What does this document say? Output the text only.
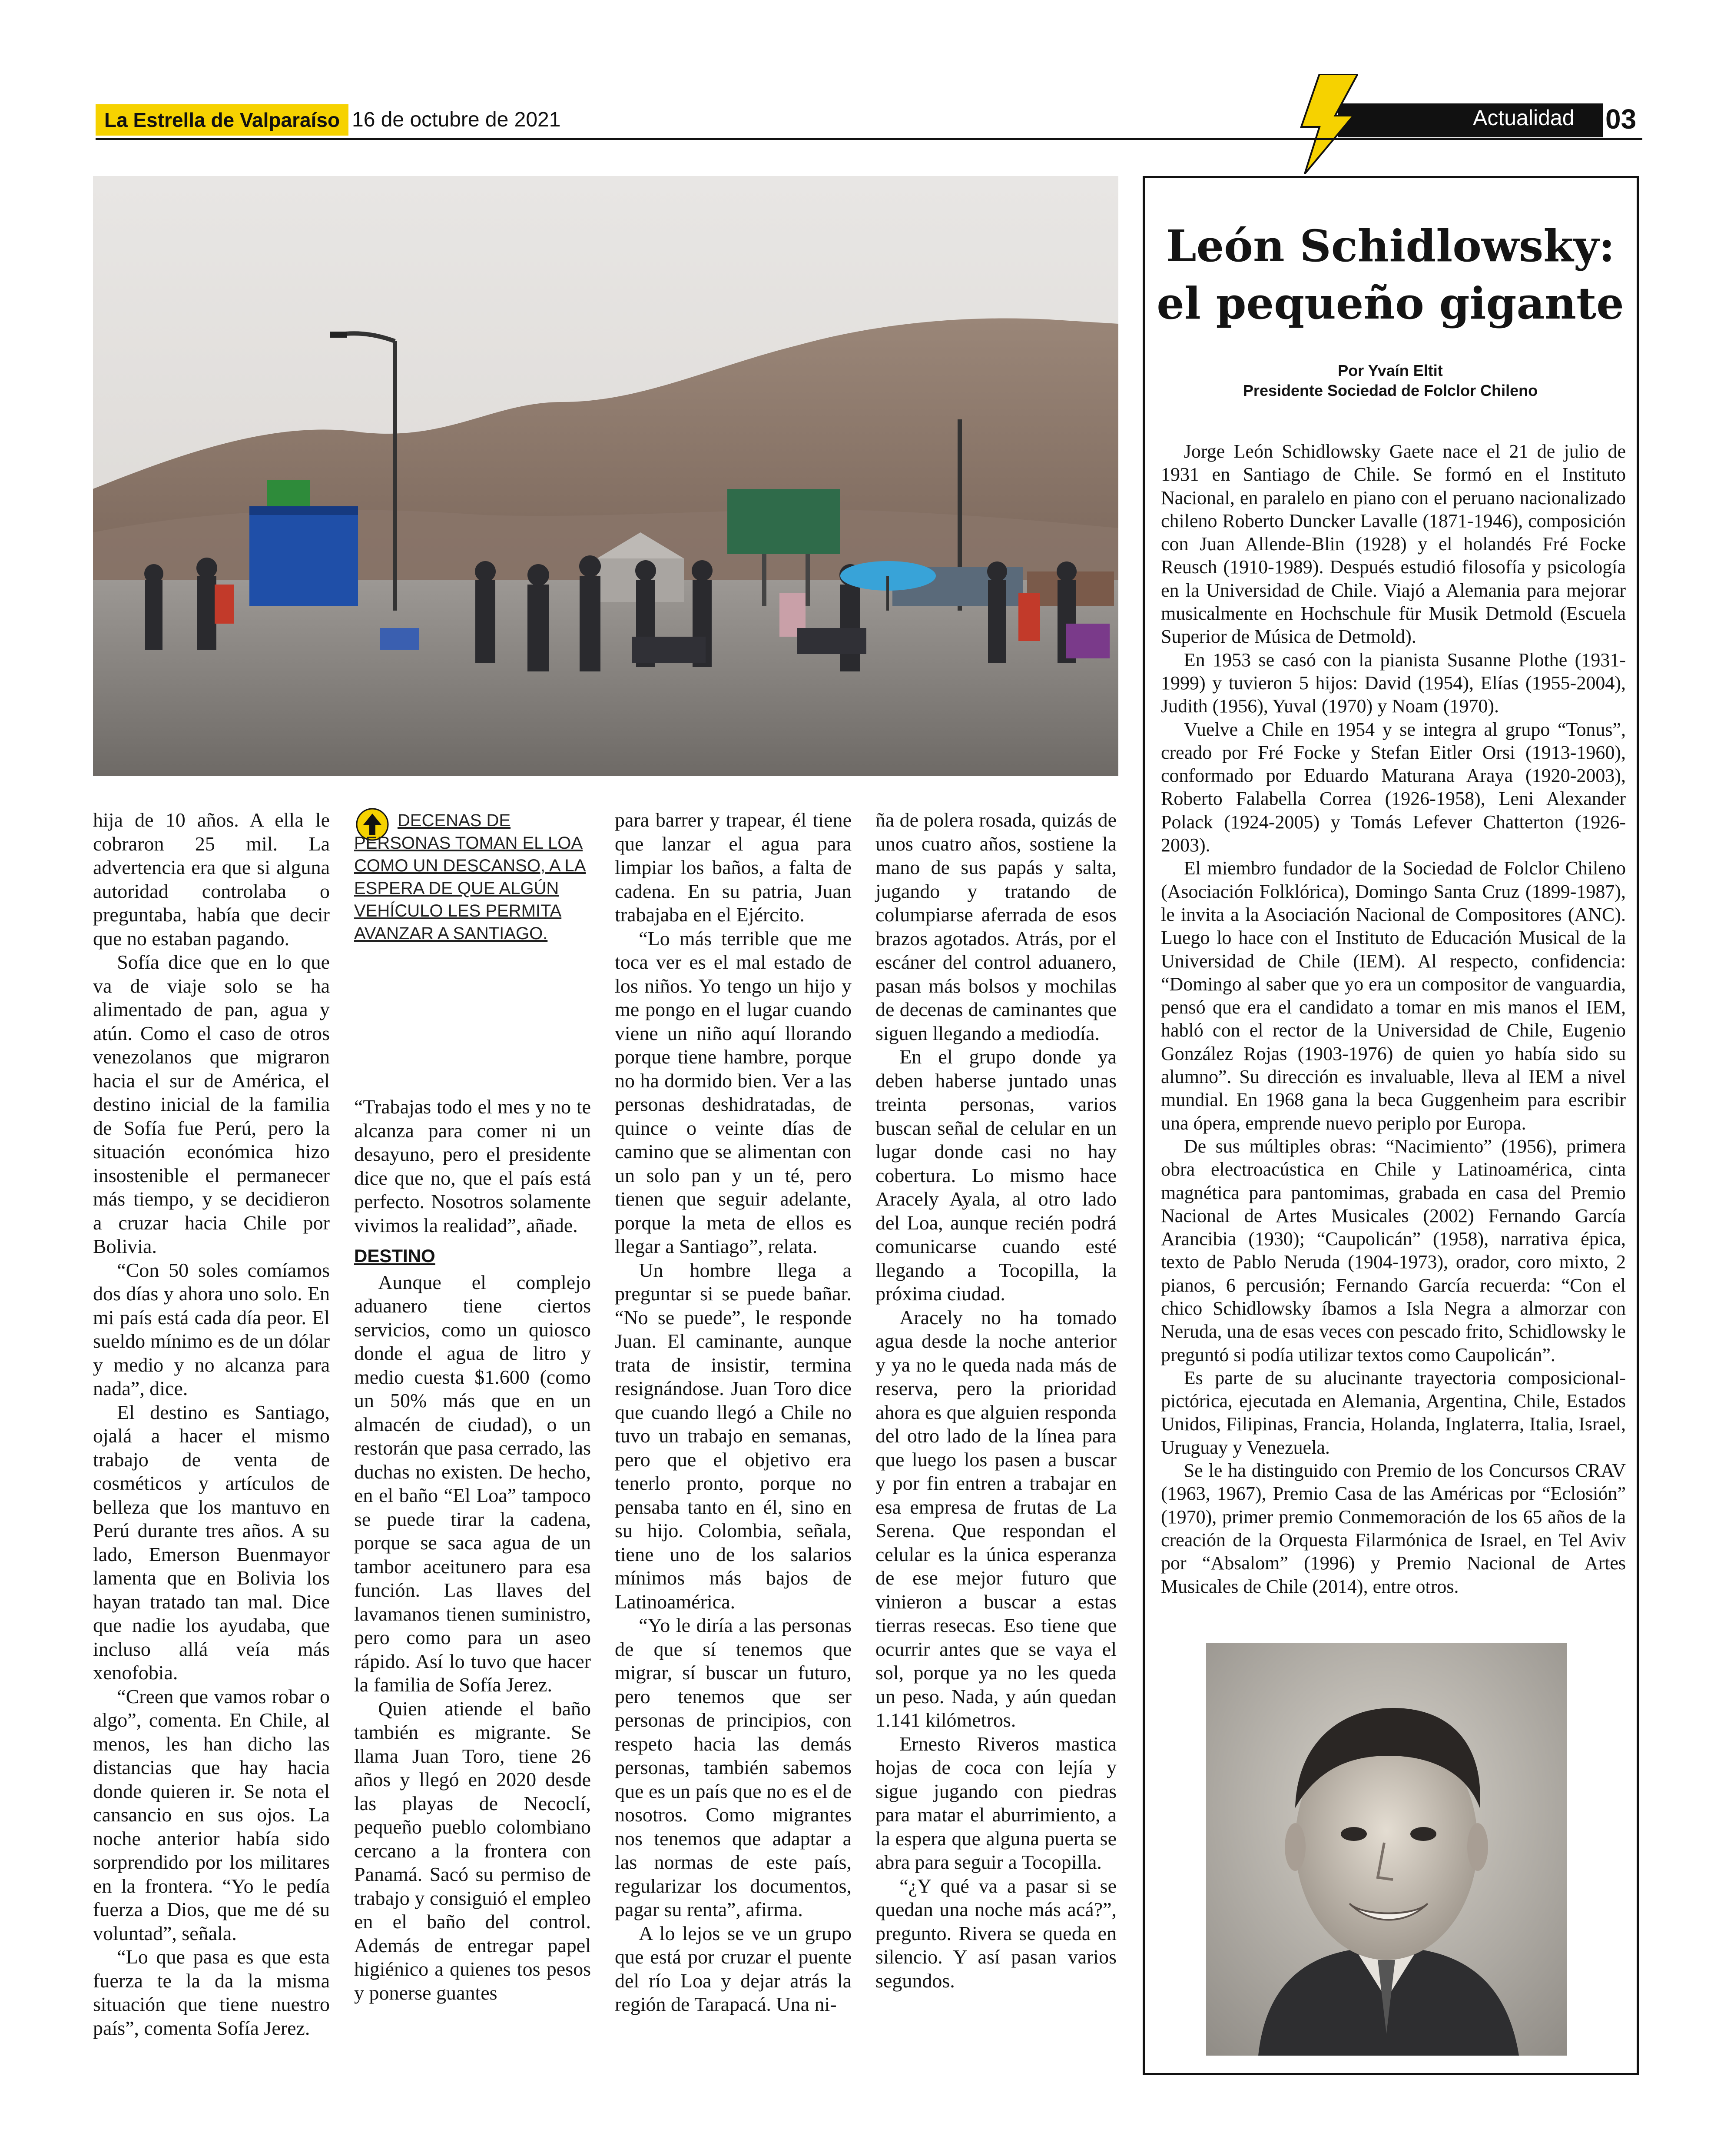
La Estrella de Valparaíso 16 de octubre de 2021	Actualidad 03
DECENAS DE PERSONAS TOMAN EL LOA COMO UN DESCANSO, A LA ESPERA DE QUE ALGÚN VEHÍCULO LES PERMITA AVANZAR A SANTIAGO.

hija de 10 años. A ella le cobraron 25 mil. La advertencia era que si alguna autoridad controlaba o preguntaba, había que decir que no estaban pagando.

Sofía dice que en lo que va de viaje solo se ha alimentado de pan, agua y atún. Como el caso de otros venezolanos que migraron hacia el sur de América, el destino inicial de la familia de Sofía fue Perú, pero la situación económica hizo insostenible el permanecer más tiempo, y se decidieron a cruzar hacia Chile por Bolivia.

“Con 50 soles comíamos dos días y ahora uno solo. En mi país está cada día peor. El sueldo mínimo es de un dólar y medio y no alcanza para nada”, dice.

El destino es Santiago, ojalá a hacer el mismo trabajo de venta de cosméticos y artículos de belleza que los mantuvo en Perú durante tres años. A su lado, Emerson Buenmayor lamenta que en Bolivia los hayan tratado tan mal. Dice que nadie los ayudaba, que incluso allá veía más xenofobia.

“Creen que vamos robar o algo”, comenta. En Chile, al menos, les han dicho las distancias que hay hacia donde quieren ir. Se nota el cansancio en sus ojos. La noche anterior había sido sorprendido por los militares en la frontera. “Yo le pedía fuerza a Dios, que me dé su voluntad”, señala.

“Lo que pasa es que esta fuerza te la da la misma situación que tiene nuestro país”, comenta Sofía Jerez.

“Trabajas todo el mes y no te alcanza para comer ni un desayuno, pero el presidente dice que no, que el país está perfecto. Nosotros solamente vivimos la realidad”, añade.

DESTINO

Aunque el complejo aduanero tiene ciertos servicios, como un quiosco donde el agua de litro y medio cuesta $1.600 (como un 50% más que en un almacén de ciudad), o un restorán que pasa cerrado, las duchas no existen. De hecho, en el baño “El Loa” tampoco se puede tirar la cadena, porque se saca agua de un tambor aceitunero para esa función. Las llaves del lavamanos tienen suministro, pero como para un aseo rápido. Así lo tuvo que hacer la familia de Sofía Jerez.

Quien atiende el baño también es migrante. Se llama Juan Toro, tiene 26 años y llegó en 2020 desde las playas de Necoclí, pequeño pueblo colombiano cercano a la frontera con Panamá. Sacó su permiso de trabajo y consiguió el empleo en el baño del control. Además de entregar papel higiénico a quienes tos pesos y ponerse guantes

para barrer y trapear, él tiene que lanzar el agua para limpiar los baños, a falta de cadena. En su patria, Juan trabajaba en el Ejército.

“Lo más terrible que me toca ver es el mal estado de los niños. Yo tengo un hijo y me pongo en el lugar cuando viene un niño aquí llorando porque tiene hambre, porque no ha dormido bien. Ver a las personas deshidratadas, de quince o veinte días de camino que se alimentan con un solo pan y un té, pero tienen que seguir adelante, porque la meta de ellos es llegar a Santiago”, relata.

Un hombre llega a preguntar si se puede bañar. “No se puede”, le responde Juan. El caminante, aunque trata de insistir, termina resignándose. Juan Toro dice que cuando llegó a Chile no tuvo un trabajo en semanas, pero que el objetivo era tenerlo pronto, porque no pensaba tanto en él, sino en su hijo. Colombia, señala, tiene uno de los salarios mínimos más bajos de Latinoamérica.

“Yo le diría a las personas de que sí tenemos que migrar, sí buscar un futuro, pero tenemos que ser personas de principios, con respeto hacia las demás personas, también sabemos que es un país que no es el de nosotros. Como migrantes nos tenemos que adaptar a las normas de este país, regularizar los documentos, pagar su renta”, afirma.

A lo lejos se ve un grupo que está por cruzar el puente del río Loa y dejar atrás la región de Tarapacá. Una ni-

ña de polera rosada, quizás de unos cuatro años, sostiene la mano de sus papás y salta, jugando y tratando de columpiarse aferrada de esos brazos agotados. Atrás, por el escáner del control aduanero, pasan más bolsos y mochilas de decenas de caminantes que siguen llegando a mediodía.

En el grupo donde ya deben haberse juntado unas treinta personas, varios buscan señal de celular en un lugar donde casi no hay cobertura. Lo mismo hace Aracely Ayala, al otro lado del Loa, aunque recién podrá comunicarse cuando esté llegando a Tocopilla, la próxima ciudad.

Aracely no ha tomado agua desde la noche anterior y ya no le queda nada más de reserva, pero la prioridad ahora es que alguien responda del otro lado de la línea para que luego los pasen a buscar y por fin entren a trabajar en esa empresa de frutas de La Serena. Que respondan el celular es la única esperanza de ese mejor futuro que vinieron a buscar a estas tierras resecas. Eso tiene que ocurrir antes que se vaya el sol, porque ya no les queda un peso. Nada, y aún quedan 1.141 kilómetros.

Ernesto Riveros mastica hojas de coca con lejía y sigue jugando con piedras para matar el aburrimiento, a la espera que alguna puerta se abra para seguir a Tocopilla.

“¿Y qué va a pasar si se quedan una noche más acá?”, pregunto. Rivera se queda en silencio. Y así pasan varios segundos.

León Schidlowsky:
el pequeño gigante
Por Yvaín Eltit
Presidente Sociedad de Folclor Chileno

Jorge León Schidlowsky Gaete nace el 21 de julio de 1931 en Santiago de Chile. Se formó en el Instituto Nacional, en paralelo en piano con el peruano nacionalizado chileno Roberto Duncker Lavalle (1871-1946), composición con Juan Allende-Blin (1928) y el holandés Fré Focke Reusch (1910-1989). Después estudió filosofía y psicología en la Universidad de Chile. Viajó a Alemania para mejorar musicalmente en Hochschule für Musik Detmold (Escuela Superior de Música de Detmold).

En 1953 se casó con la pianista Susanne Plothe (1931-1999) y tuvieron 5 hijos: David (1954), Elías (1955-2004), Judith (1956), Yuval (1970) y Noam (1970).

Vuelve a Chile en 1954 y se integra al grupo “Tonus”, creado por Fré Focke y Stefan Eitler Orsi (1913-1960), conformado por Eduardo Maturana Araya (1920-2003), Roberto Falabella Correa (1926-1958), Leni Alexander Polack (1924-2005) y Tomás Lefever Chatterton (1926-2003).

El miembro fundador de la Sociedad de Folclor Chileno (Asociación Folklórica), Domingo Santa Cruz (1899-1987), le invita a la Asociación Nacional de Compositores (ANC). Luego lo hace con el Instituto de Educación Musical de la Universidad de Chile (IEM). Al respecto, confidencia: “Domingo al saber que yo era un compositor de vanguardia, pensó que era el candidato a tomar en mis manos el IEM, habló con el rector de la Universidad de Chile, Eugenio González Rojas (1903-1976) de quien yo había sido su alumno”. Su dirección es invaluable, lleva al IEM a nivel mundial. En 1968 gana la beca Guggenheim para escribir una ópera, emprende nuevo periplo por Europa.

De sus múltiples obras: “Nacimiento” (1956), primera obra electroacústica en Chile y Latinoamérica, cinta magnética para pantomimas, grabada en casa del Premio Nacional de Artes Musicales (2002) Fernando García Arancibia (1930); “Caupolicán” (1958), narrativa épica, texto de Pablo Neruda (1904-1973), orador, coro mixto, 2 pianos, 6 percusión; Fernando García recuerda: “Con el chico Schidlowsky íbamos a Isla Negra a almorzar con Neruda, una de esas veces con pescado frito, Schidlowsky le preguntó si podía utilizar textos como Caupolicán”.

Es parte de su alucinante trayectoria composicional-pictórica, ejecutada en Alemania, Argentina, Chile, Estados Unidos, Filipinas, Francia, Holanda, Inglaterra, Italia, Israel, Uruguay y Venezuela.

Se le ha distinguido con Premio de los Concursos CRAV (1963, 1967), Premio Casa de las Américas por “Eclosión” (1970), primer premio Conmemoración de los 65 años de la creación de la Orquesta Filarmónica de Israel, en Tel Aviv por “Absalom” (1996) y Premio Nacional de Artes Musicales de Chile (2014), entre otros.
